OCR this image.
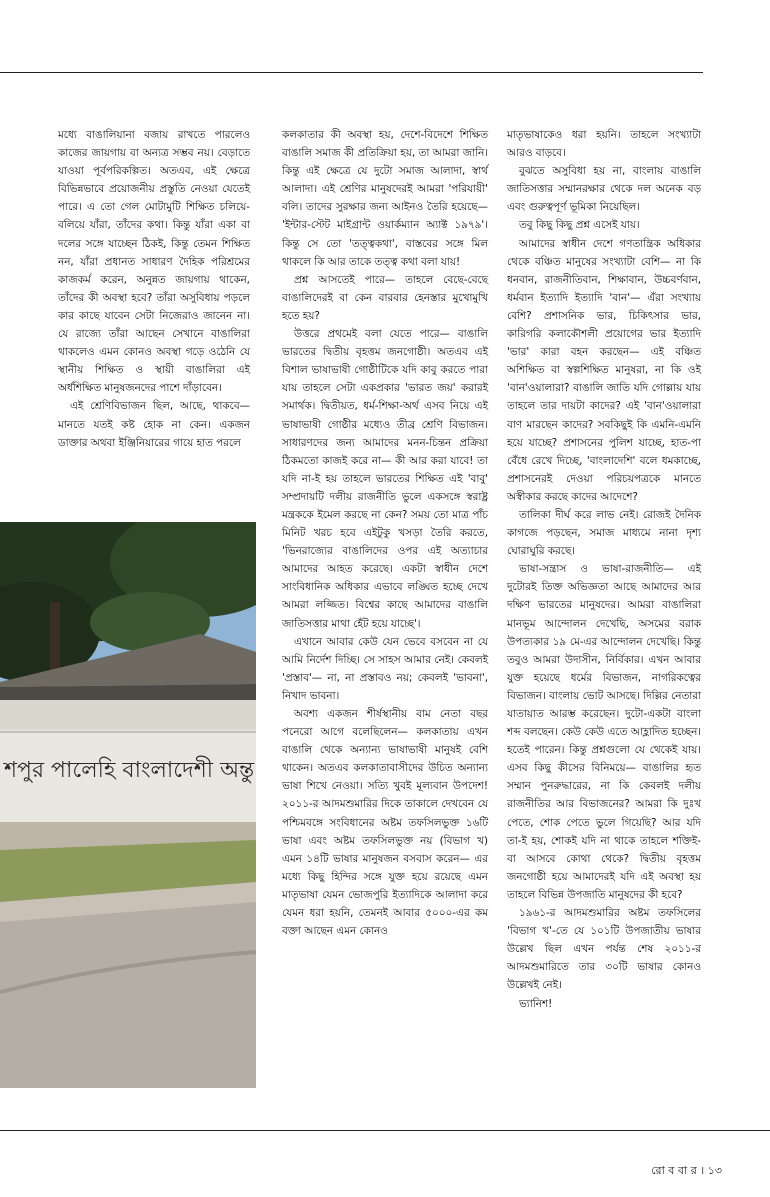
মধ্যে বাঙালিয়ানা বজায় রাখতে পারলেও কাজের জায়গায় বা অন্যত্র সম্ভব নয়। বেড়াতে যাওয়া পূর্বপরিকল্পিত। অতএব, এই ক্ষেত্রে বিভিন্নভাবে প্রয়োজনীয় প্রস্তুতি নেওয়া যেতেই পারে। এ তো গেল মোটামুটি শিক্ষিত চলিয়ে-বলিয়ে যাঁরা, তাঁদের কথা। কিন্তু যাঁরা একা বা দলের সঙ্গে যাচ্ছেন ঠিকই, কিন্তু তেমন শিক্ষিত নন, যাঁরা প্রধানত সাধারণ দৈহিক পরিশ্রমের কাজকর্ম করেন, অনুন্নত জায়গায় থাকেন, তাঁদের কী অবস্থা হবে? তাঁরা অসুবিধায় পড়লে কার কাছে যাবেন সেটা নিজেরাও জানেন না। যে রাজ্যে তাঁরা আছেন সেখানে বাঙালিরা থাকলেও এমন কোনও অবস্থা গড়ে ওঠেনি যে স্থানীয় শিক্ষিত ও স্থায়ী বাঙালিরা এই অর্ধশিক্ষিত মানুষজনদের পাশে দাঁড়াবেন।

এই শ্রেণিবিভাজন ছিল, আছে, থাকবে— মানতে যতই কষ্ট হোক না কেন। একজন ডাক্তার অথবা ইঞ্জিনিয়ারের গায়ে হাত পরলে

কলকাতার কী অবস্থা হয়, দেশে-বিদেশে শিক্ষিত বাঙালি সমাজ কী প্রতিক্রিয়া হয়, তা আমরা জানি। কিন্তু এই ক্ষেত্রে যে দুটো সমাজ আলাদা, স্বার্থ আলাদা। এই শ্রেণির মানুষদেরই আমরা 'পরিযায়ী' বলি। তাদের সুরক্ষার জন্য আইনও তৈরি হয়েছে— 'ইন্টার-স্টেট মাইগ্রান্ট ওয়ার্কম্যান অ্যাক্ট ১৯৭৯'। কিন্তু সে তো 'তত্ত্বকথা', বাস্তবের সঙ্গে মিল থাকলে কি আর তাকে তত্ত্ব কথা বলা যায়!

প্রশ্ন আসতেই পারে— তাহলে বেছে-বেছে বাঙালিদেরই বা কেন বারবার হেনস্তার মুখোমুখি হতে হয়?

উত্তরে প্রথমেই বলা যেতে পারে— বাঙালি ভারতের দ্বিতীয় বৃহত্তম জনগোষ্ঠী। অতএব এই বিশাল ভাষাভাষী গোষ্ঠীটিকে যদি কাবু করতে পারা যায় তাহলে সেটা একপ্রকার 'ভারত জয়' করারই সমার্থক। দ্বিতীয়ত, ধর্ম-শিক্ষা-অর্থ এসব নিয়ে এই ভাষাভাষী গোষ্ঠীর মধ্যেও তীব্র শ্রেণি বিভাজন। সাধারণদের জন্য আমাদের মনন-চিন্তন প্রক্রিয়া ঠিকমতো কাজই করে না— কী আর করা যাবে! তা যদি না-ই হয় তাহলে ভারতের শিক্ষিত এই 'বাবু' সম্প্রদায়টি দলীয় রাজনীতি ভুলে একসঙ্গে স্বরাষ্ট্র মন্ত্রককে ইমেল করছে না কেন? সময় তো মাত্র পাঁচ মিনিট খরচ হবে এইটুকু খসড়া তৈরি করতে, 'ভিনরাজ্যের বাঙালিদের ওপর এই অত্যাচার আমাদের আহত করেছে। একটা স্বাধীন দেশে সাংবিধানিক অধিকার এভাবে লঙ্ঘিত হচ্ছে দেখে আমরা লজ্জিত। বিশ্বের কাছে আমাদের বাঙালি জাতিসত্তার মাথা হেঁট হয়ে যাচ্ছে'।

এখানে আবার কেউ যেন ভেবে বসবেন না যে আমি নির্দেশ দিচ্ছি। সে সাহস আমার নেই। কেবলই 'প্রস্তাব'— না, না প্রস্তাবও নয়; কেবলই 'ভাবনা', নিখাদ ভাবনা।

অবশ্য একজন শীর্ষস্থানীয় বাম নেতা বছর পনেরো আগে বলেছিলেন— কলকাতায় এখন বাঙালি থেকে অন্যান্য ভাষাভাষী মানুষই বেশি থাকেন। অতএব কলকাতাবাসীদের উচিত অন্যান্য ভাষা শিখে নেওয়া। সত্যি খুবই মূল্যবান উপদেশ! ২০১১-র আদমশুমারির দিকে তাকালে দেখবেন যে পশ্চিমবঙ্গে সংবিধানের অষ্টম তফসিলভুক্ত ১৬টি ভাষা এবং অষ্টম তফসিলভুক্ত নয় (বিভাগ খ) এমন ১৪টি ভাষার মানুষজন বসবাস করেন— এর মধ্যে কিছু হিন্দির সঙ্গে যুক্ত হয়ে রয়েছে এমন মাতৃভাষা যেমন ভোজপুরি ইত্যাদিকে আলাদা করে যেমন ধরা হয়নি, তেমনই আবার ৫০০০-এর কম বক্তা আছেন এমন কোনও

মাতৃভাষাকেও ধরা হয়নি। তাহলে সংখ্যাটা আরও বাড়বে।

বুঝতে অসুবিধা হয় না, বাংলায় বাঙালি জাতিসত্তার সম্মানরক্ষার থেকে দল অনেক বড় এবং গুরুত্বপূর্ণ ভূমিকা নিয়েছিল।

তবু কিছু কিছু প্রশ্ন এসেই যায়।

আমাদের স্বাধীন দেশে গণতান্ত্রিক অধিকার থেকে বঞ্চিত মানুষের সংখ্যাটা বেশি— না কি ধনবান, রাজনীতিবান, শিক্ষাবান, উচ্চবর্ণবান, ধর্মবান ইত্যাদি ইত্যাদি 'বান'— এঁরা সংখ্যায় বেশি? প্রশাসনিক ভার, চিকিৎসার ভার, কারিগরি কলাকৌশলী প্রয়োগের ভার ইত্যাদি 'ভার' কারা বহন করছেন— এই বঞ্চিত অশিক্ষিত বা স্বল্পশিক্ষিত মানুষরা, না কি ওই 'বান'ওয়ালারা? বাঙালি জাতি যদি গোল্লায় যায় তাহলে তার দায়টা কাদের? এই 'বান'ওয়ালারা বাণ মারছেন কাদের? সবকিছুই কি এমনি-এমনি হয়ে যাচ্ছে? প্রশাসনের পুলিশ যাচ্ছে, হাত-পা বেঁধে রেখে দিচ্ছে, 'বাংলাদেশি' বলে ধমকাচ্ছে, প্রশাসনেরই দেওয়া পরিচয়পত্রকে মানতে অস্বীকার করছে কাদের আদেশে?

তালিকা দীর্ঘ করে লাভ নেই। রোজই দৈনিক কাগজে পড়ছেন, সমাজ মাধ্যমে নানা দৃশ্য ঘোরাঘুরি করছে।

ভাষা-সন্ত্রাস ও ভাষা-রাজনীতি— এই দুটোরই তিক্ত অভিজ্ঞতা আছে আমাদের আর দক্ষিণ ভারতের মানুষদের। আমরা বাঙালিরা মানভূম আন্দোলন দেখেছি, অসমের বরাক উপত্যকার ১৯ মে-এর আন্দোলন দেখেছি। কিন্তু তবুও আমরা উদাসীন, নির্বিকার। এখন আবার যুক্ত হয়েছে ধর্মের বিভাজন, নাগরিকত্বের বিভাজন। বাংলায় ভোট আসছে। দিল্লির নেতারা যাতায়াত আরম্ভ করেছেন। দুটো-একটা বাংলা শব্দ বলছেন। কেউ কেউ এতে আহ্লাদিত হচ্ছেন। হতেই পারেন। কিন্তু প্রশ্নগুলো যে থেকেই যায়। এসব কিছু কীসের বিনিময়ে— বাঙালির হৃত সম্মান পুনরুদ্ধারের, না কি কেবলই দলীয় রাজনীতির আর বিভাজনের? আমরা কি দুঃখ পেতে, শোক পেতে ভুলে গিয়েছি? আর যদি তা-ই হয়, শোকই যদি না থাকে তাহলে শক্তিই-বা আসবে কোথা থেকে? দ্বিতীয় বৃহত্তম জনগোষ্ঠী হয়ে আমাদেরই যদি এই অবস্থা হয় তাহলে বিভিন্ন উপজাতি মানুষদের কী হবে?

১৯৬১-র আদমশুমারির অষ্টম তফসিলের 'বিভাগ খ'-তে যে ১০১টি উপজাতীয় ভাষার উল্লেখ ছিল এখন পর্যন্ত শেষ ২০১১-র আদমশুমারিতে তার ৩০টি ভাষার কোনও উল্লেখই নেই।

ভ্যানিশ!

শপুর পালেহি বাংলাদেশী অন্তু
রো ব বা র । ১৩
